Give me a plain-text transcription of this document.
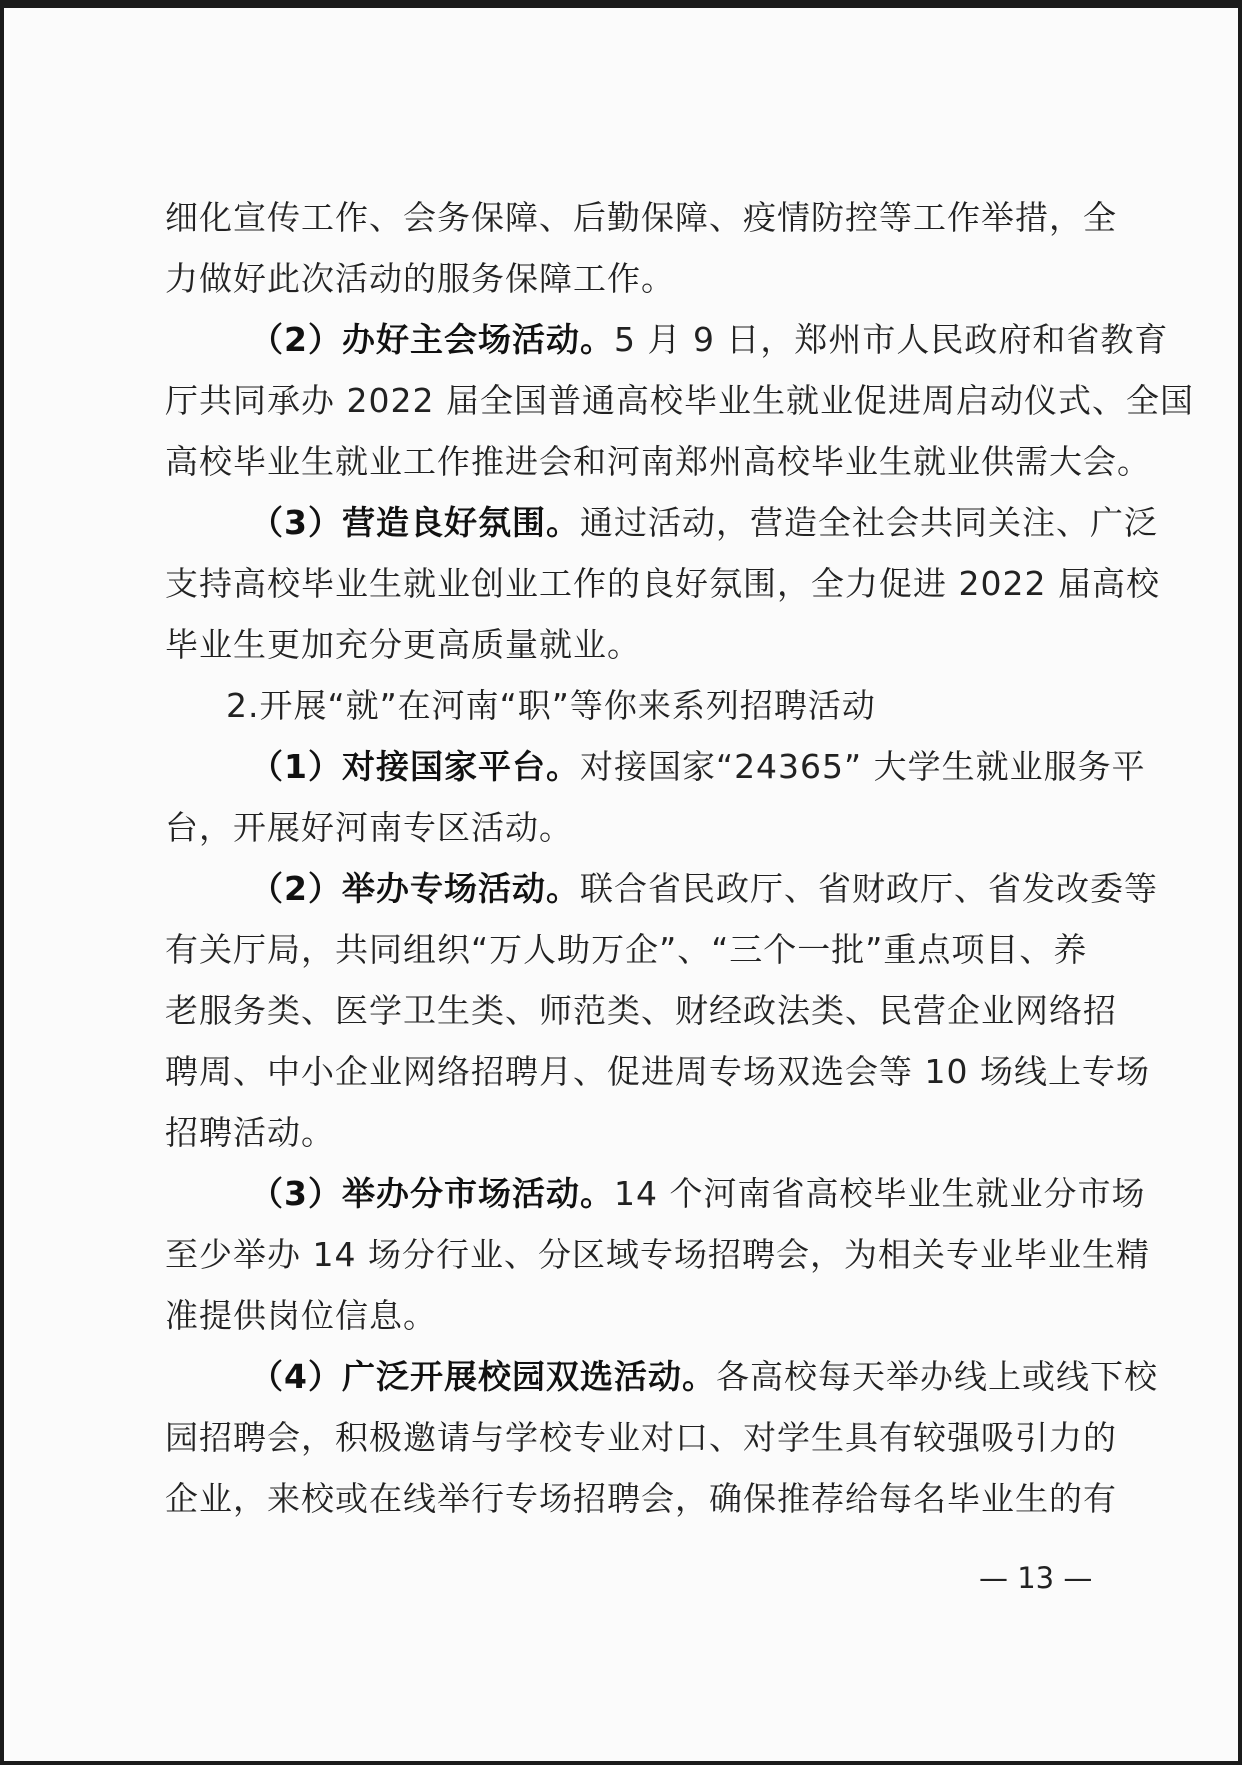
细化宣传工作、会务保障、后勤保障、疫情防控等工作举措，全
力做好此次活动的服务保障工作。
（2）办好主会场活动。5 月 9 日，郑州市人民政府和省教育
厅共同承办 2022 届全国普通高校毕业生就业促进周启动仪式、全国
高校毕业生就业工作推进会和河南郑州高校毕业生就业供需大会。
（3）营造良好氛围。通过活动，营造全社会共同关注、广泛
支持高校毕业生就业创业工作的良好氛围，全力促进 2022 届高校
毕业生更加充分更高质量就业。
2.开展“就”在河南“职”等你来系列招聘活动
（1）对接国家平台。对接国家“24365” 大学生就业服务平
台，开展好河南专区活动。
（2）举办专场活动。联合省民政厅、省财政厅、省发改委等
有关厅局，共同组织“万人助万企”、“三个一批”重点项目、养
老服务类、医学卫生类、师范类、财经政法类、民营企业网络招
聘周、中小企业网络招聘月、促进周专场双选会等 10 场线上专场
招聘活动。
（3）举办分市场活动。14 个河南省高校毕业生就业分市场
至少举办 14 场分行业、分区域专场招聘会，为相关专业毕业生精
准提供岗位信息。
（4）广泛开展校园双选活动。各高校每天举办线上或线下校
园招聘会，积极邀请与学校专业对口、对学生具有较强吸引力的
企业，来校或在线举行专场招聘会，确保推荐给每名毕业生的有
— 13 —
